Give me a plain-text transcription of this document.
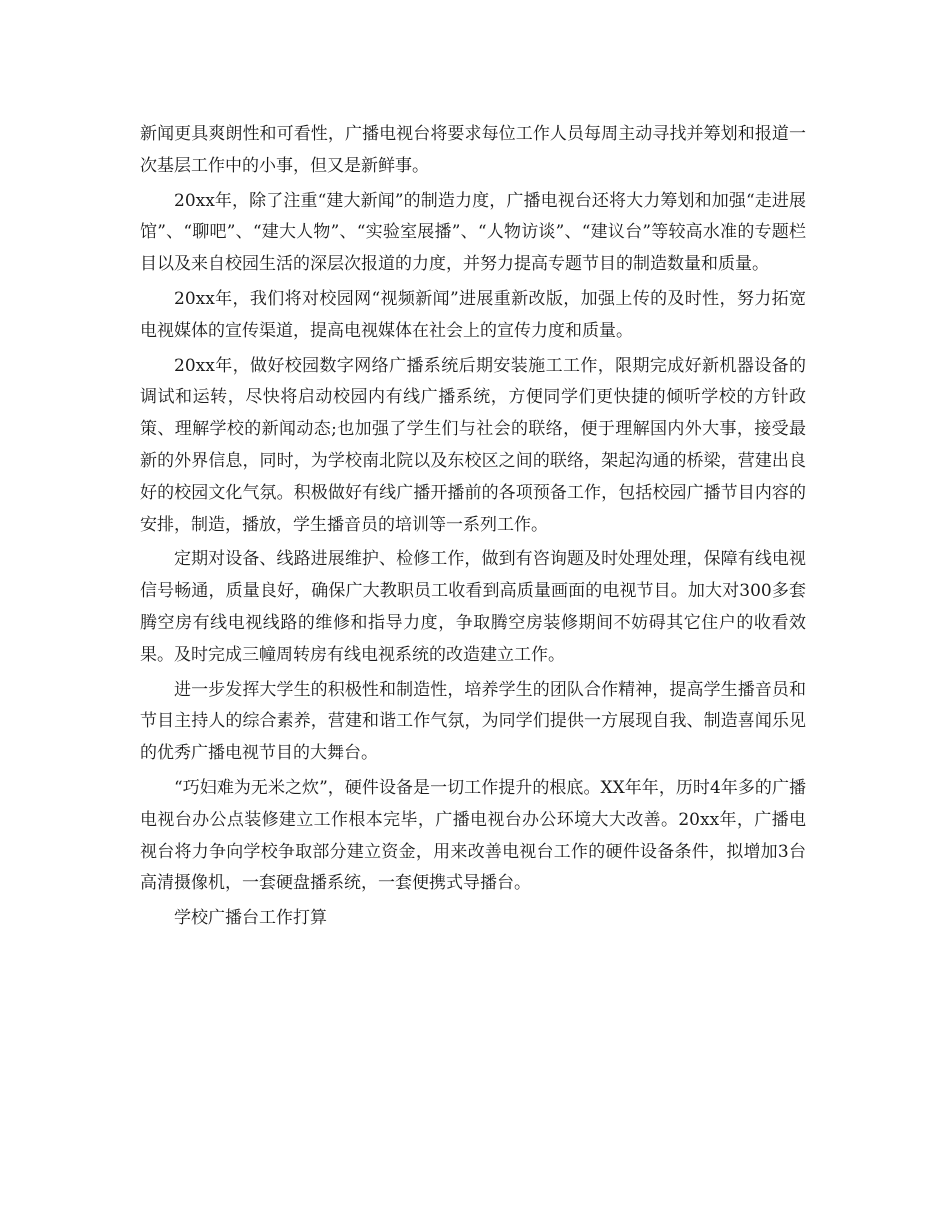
新闻更具爽朗性和可看性，广播电视台将要求每位工作人员每周主动寻找并筹划和报道一次基层工作中的小事，但又是新鲜事。

20xx年，除了注重“建大新闻”的制造力度，广播电视台还将大力筹划和加强“走进展馆”、“聊吧”、“建大人物”、“实验室展播”、“人物访谈”、“建议台”等较高水准的专题栏目以及来自校园生活的深层次报道的力度，并努力提高专题节目的制造数量和质量。

20xx年，我们将对校园网“视频新闻”进展重新改版，加强上传的及时性，努力拓宽电视媒体的宣传渠道，提高电视媒体在社会上的宣传力度和质量。

20xx年，做好校园数字网络广播系统后期安装施工工作，限期完成好新机器设备的调试和运转，尽快将启动校园内有线广播系统，方便同学们更快捷的倾听学校的方针政策、理解学校的新闻动态;也加强了学生们与社会的联络，便于理解国内外大事，接受最新的外界信息，同时，为学校南北院以及东校区之间的联络，架起沟通的桥梁，营建出良好的校园文化气氛。积极做好有线广播开播前的各项预备工作，包括校园广播节目内容的安排，制造，播放，学生播音员的培训等一系列工作。

定期对设备、线路进展维护、检修工作，做到有咨询题及时处理处理，保障有线电视信号畅通，质量良好，确保广大教职员工收看到高质量画面的电视节目。加大对300多套腾空房有线电视线路的维修和指导力度，争取腾空房装修期间不妨碍其它住户的收看效果。及时完成三幢周转房有线电视系统的改造建立工作。

进一步发挥大学生的积极性和制造性，培养学生的团队合作精神，提高学生播音员和节目主持人的综合素养，营建和谐工作气氛，为同学们提供一方展现自我、制造喜闻乐见的优秀广播电视节目的大舞台。

“巧妇难为无米之炊”，硬件设备是一切工作提升的根底。XX年年，历时4年多的广播电视台办公点装修建立工作根本完毕，广播电视台办公环境大大改善。20xx年，广播电视台将力争向学校争取部分建立资金，用来改善电视台工作的硬件设备条件，拟增加3台高清摄像机，一套硬盘播系统，一套便携式导播台。

学校广播台工作打算
